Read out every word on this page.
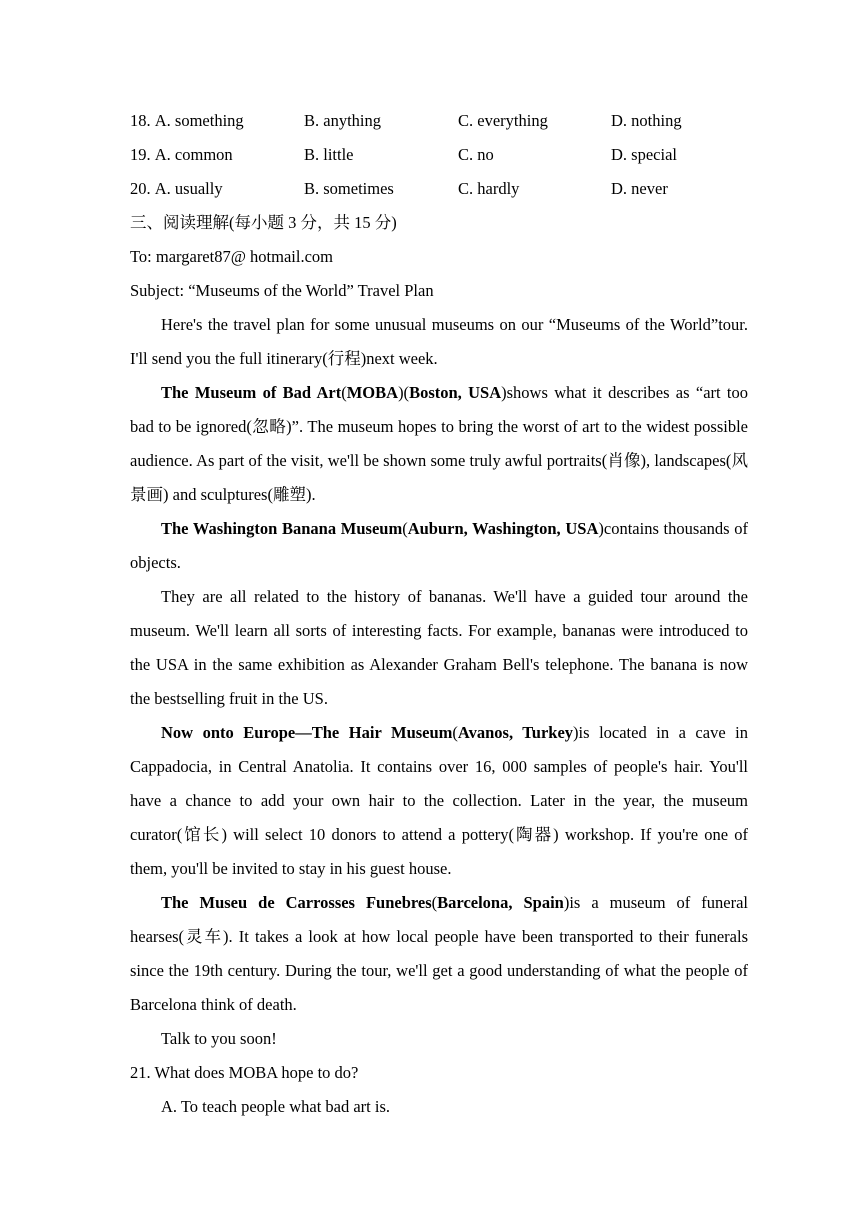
18. A. something	B. anything	C. everything	D. nothing
19. A. common	B. little	C. no	D. special
20. A. usually	B. sometimes	C. hardly	D. never
三、阅读理解(每小题 3 分，共 15 分)
To: margaret87@ hotmail.com
Subject: “Museums of the World” Travel Plan

Here's the travel plan for some unusual museums on our “Museums of the World”tour. I'll send you the full itinerary(行程)next week.

The Museum of Bad Art(MOBA)(Boston, USA)shows what it describes as “art too bad to be ignored(忽略)”. The museum hopes to bring the worst of art to the widest possible audience. As part of the visit, we'll be shown some truly awful portraits(肖像), landscapes(风景画) and sculptures(雕塑).

The Washington Banana Museum(Auburn, Washington, USA)contains thousands of objects.

They are all related to the history of bananas. We'll have a guided tour around the museum. We'll learn all sorts of interesting facts. For example, bananas were introduced to the USA in the same exhibition as Alexander Graham Bell's telephone. The banana is now the bestselling fruit in the US.

Now onto Europe—The Hair Museum(Avanos, Turkey)is located in a cave in Cappadocia, in Central Anatolia. It contains over 16, 000 samples of people's hair. You'll have a chance to add your own hair to the collection. Later in the year, the museum curator(馆长) will select 10 donors to attend a pottery(陶器) workshop. If you're one of them, you'll be invited to stay in his guest house.

The Museu de Carrosses Funebres(Barcelona, Spain)is a museum of funeral hearses(灵车). It takes a look at how local people have been transported to their funerals since the 19th century. During the tour, we'll get a good understanding of what the people of Barcelona think of death.

Talk to you soon!
21. What does MOBA hope to do?
A. To teach people what bad art is.
